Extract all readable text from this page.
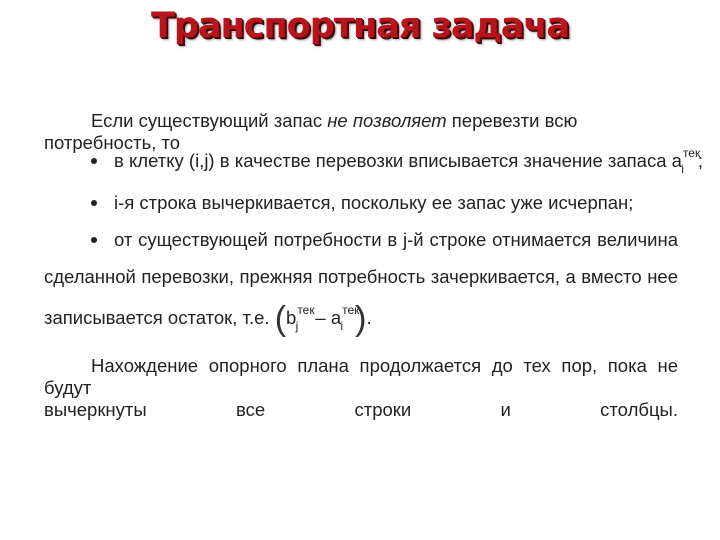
Транспортная задача
Если существующий запас не позволяет перевезти всю потребность, то
в клетку (i,j) в качестве перевозки вписывается значение запаса $a^{тек}_i$ ;
i-я строка вычеркивается, поскольку ее запас уже исчерпан;
от существующей потребности в j-й строке отнимается величина
сделанной перевозки, прежняя потребность зачеркивается, а вместо нее
записывается остаток, т.е. ($b^{тек}_j - a^{тек}_i$ ).
Нахождение опорного плана продолжается до тех пор, пока не будут
вычеркнуты все строки и столбцы.
